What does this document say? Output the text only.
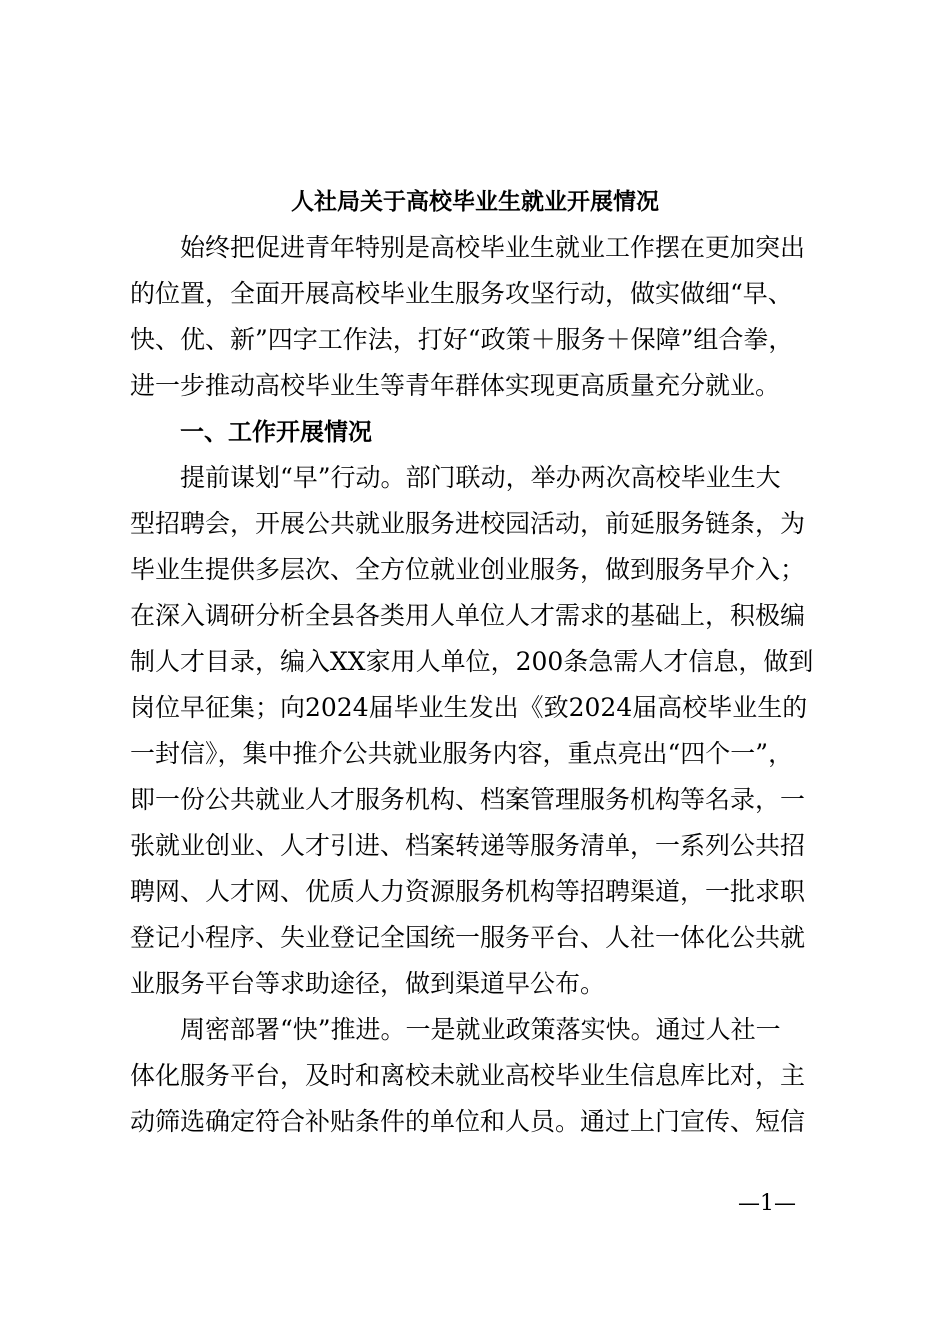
人社局关于高校毕业生就业开展情况
始终把促进青年特别是高校毕业生就业工作摆在更加突出
的位置，全面开展高校毕业生服务攻坚行动，做实做细“早、
快、优、新”四字工作法，打好“政策＋服务＋保障”组合拳，
进一步推动高校毕业生等青年群体实现更高质量充分就业。
一、工作开展情况
提前谋划“早”行动。部门联动，举办两次高校毕业生大
型招聘会，开展公共就业服务进校园活动，前延服务链条，为
毕业生提供多层次、全方位就业创业服务，做到服务早介入；
在深入调研分析全县各类用人单位人才需求的基础上，积极编
制人才目录，编入XX家用人单位，200条急需人才信息，做到
岗位早征集；向2024届毕业生发出《致2024届高校毕业生的
一封信》，集中推介公共就业服务内容，重点亮出“四个一”，
即一份公共就业人才服务机构、档案管理服务机构等名录，一
张就业创业、人才引进、档案转递等服务清单，一系列公共招
聘网、人才网、优质人力资源服务机构等招聘渠道，一批求职
登记小程序、失业登记全国统一服务平台、人社一体化公共就
业服务平台等求助途径，做到渠道早公布。
周密部署“快”推进。一是就业政策落实快。通过人社一
体化服务平台，及时和离校未就业高校毕业生信息库比对，主
动筛选确定符合补贴条件的单位和人员。通过上门宣传、短信
—1—
